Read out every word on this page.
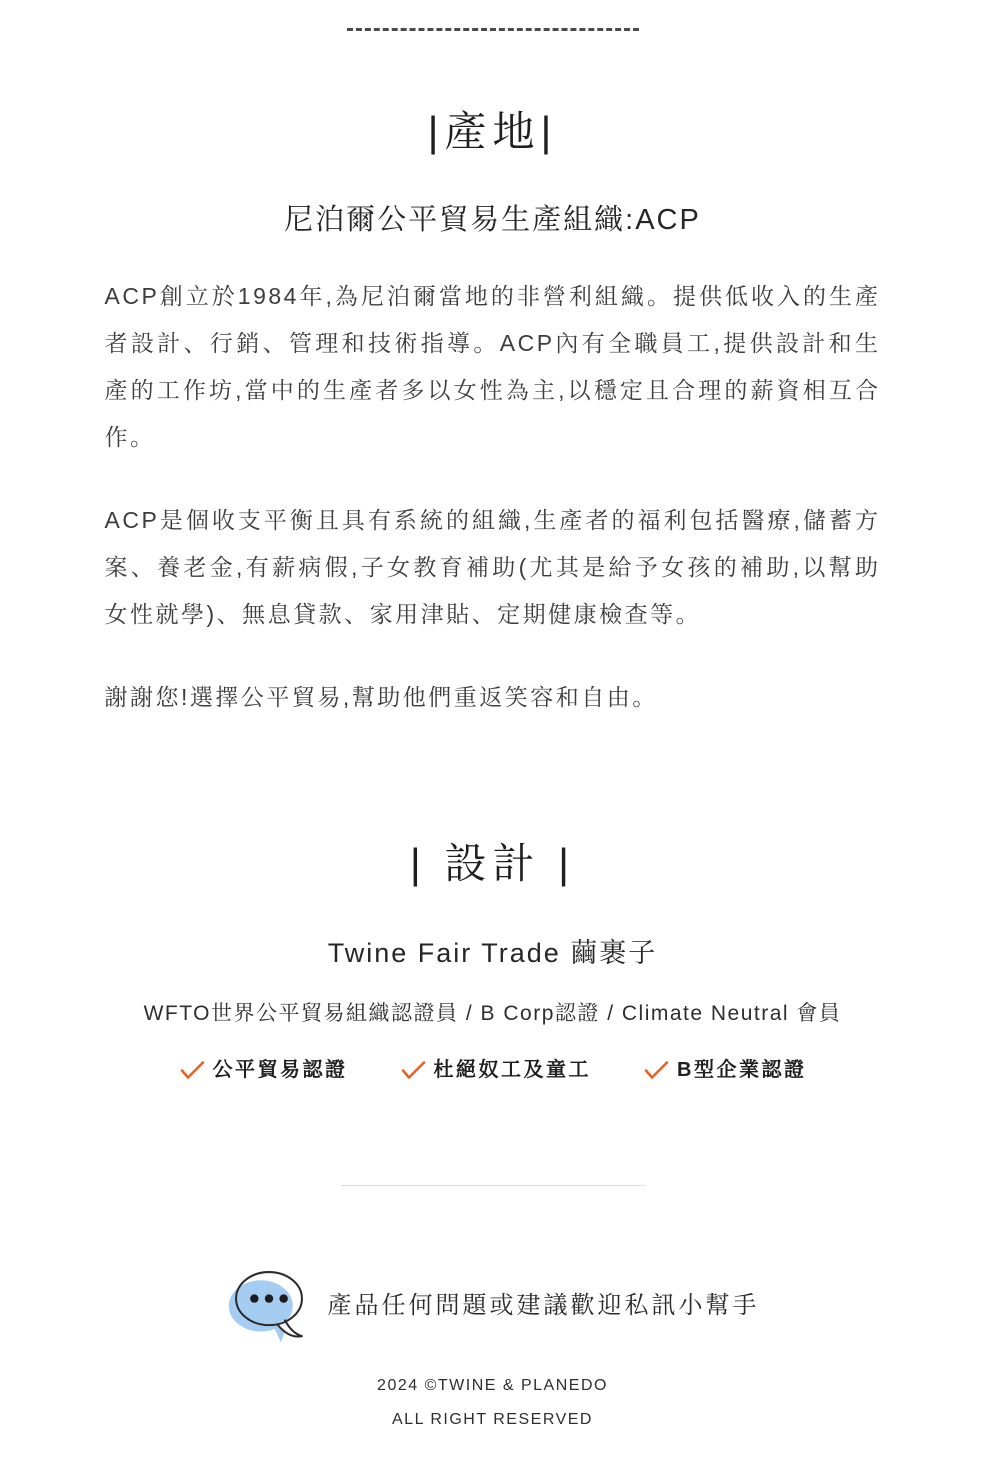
|產地|
尼泊爾公平貿易生產組織:ACP

ACP創立於1984年,為尼泊爾當地的非營利組織。提供低收入的生產者設計、行銷、管理和技術指導。ACP內有全職員工,提供設計和生產的工作坊,當中的生產者多以女性為主,以穩定且合理的薪資相互合作。

ACP是個收支平衡且具有系統的組織,生產者的福利包括醫療,儲蓄方案、養老金,有薪病假,子女教育補助(尤其是給予女孩的補助,以幫助女性就學)、無息貸款、家用津貼、定期健康檢查等。

謝謝您!選擇公平貿易,幫助他們重返笑容和自由。

| 設計 |
Twine Fair Trade 繭裹子
WFTO世界公平貿易組織認證員 / B Corp認證 / Climate Neutral 會員
公平貿易認證	杜絕奴工及童工	B型企業認證
產品任何問題或建議歡迎私訊小幫手
2024 ©TWINE & PLANEDO
ALL RIGHT RESERVED
